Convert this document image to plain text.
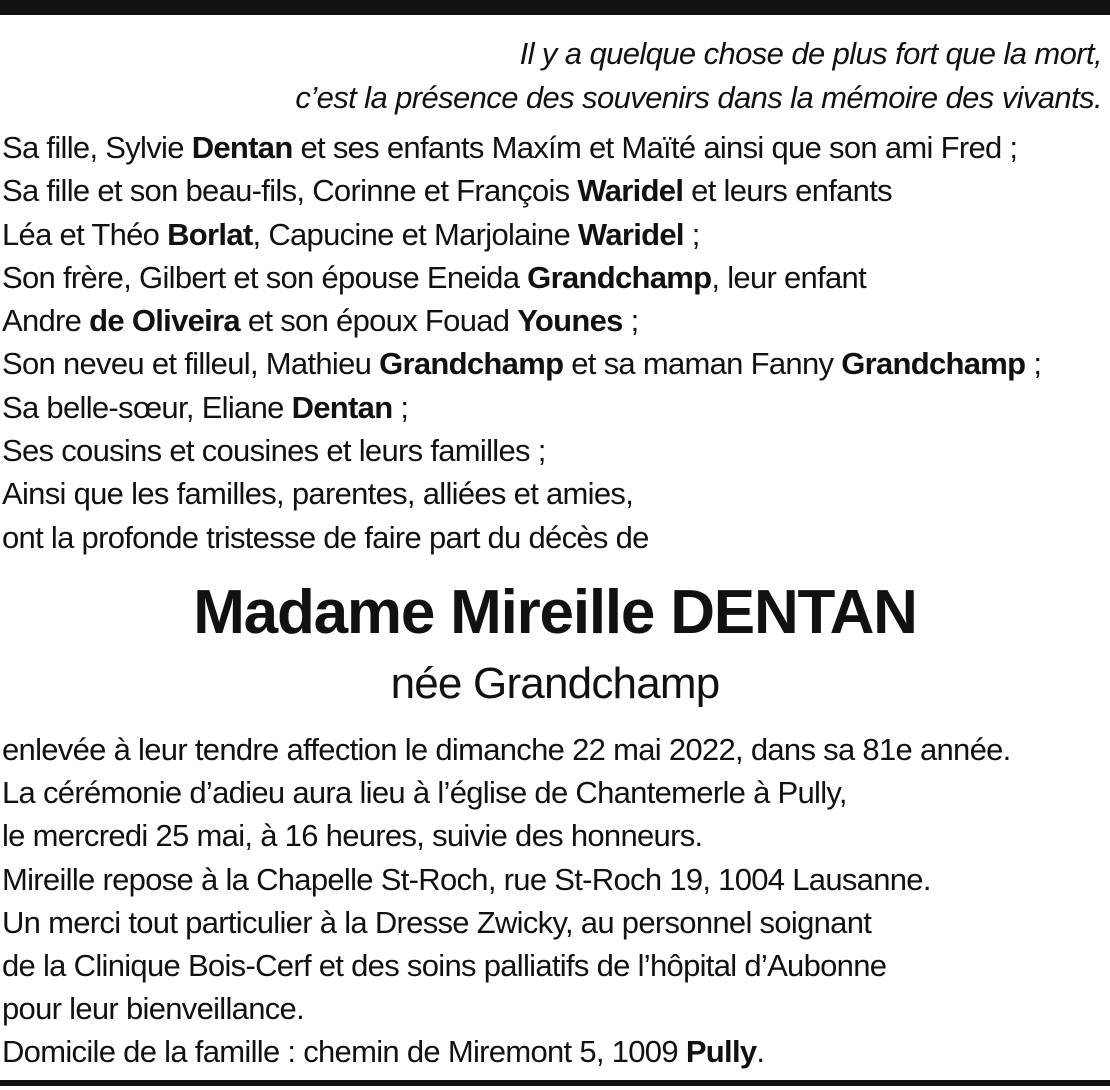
Il y a quelque chose de plus fort que la mort,
c’est la présence des souvenirs dans la mémoire des vivants.
Sa fille, Sylvie Dentan et ses enfants Maxím et Maïté ainsi que son ami Fred ;
Sa fille et son beau-fils, Corinne et François Waridel et leurs enfants
Léa et Théo Borlat, Capucine et Marjolaine Waridel ;
Son frère, Gilbert et son épouse Eneida Grandchamp, leur enfant
Andre de Oliveira et son époux Fouad Younes ;
Son neveu et filleul, Mathieu Grandchamp et sa maman Fanny Grandchamp ;
Sa belle-sœur, Eliane Dentan ;
Ses cousins et cousines et leurs familles ;
Ainsi que les familles, parentes, alliées et amies,
ont la profonde tristesse de faire part du décès de
Madame Mireille DENTAN
née Grandchamp
enlevée à leur tendre affection le dimanche 22 mai 2022, dans sa 81e année.
La cérémonie d’adieu aura lieu à l’église de Chantemerle à Pully,
le mercredi 25 mai, à 16 heures, suivie des honneurs.
Mireille repose à la Chapelle St-Roch, rue St-Roch 19, 1004 Lausanne.
Un merci tout particulier à la Dresse Zwicky, au personnel soignant
de la Clinique Bois-Cerf et des soins palliatifs de l’hôpital d’Aubonne
pour leur bienveillance.
Domicile de la famille : chemin de Miremont 5, 1009 Pully.
